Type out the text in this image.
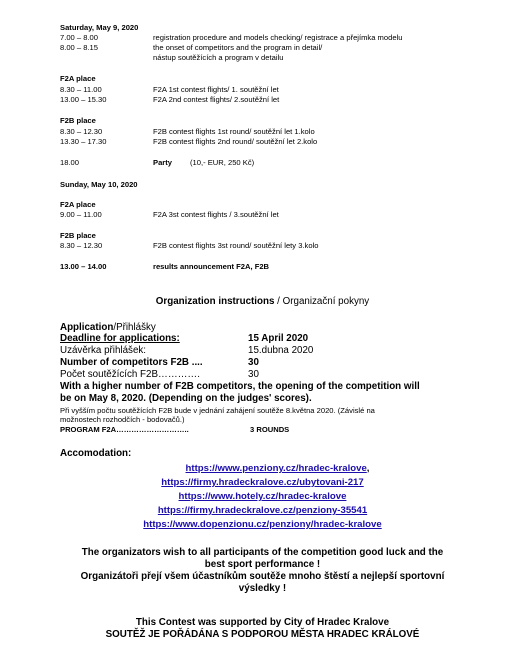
Saturday, May 9, 2020
7.00 – 8.00	registration procedure and models checking/ registrace a přejímka modelu
8.00 – 8.15	the onset of competitors and the program in detail/
nástup soutěžících a program v detailu
F2A place
8.30 – 11.00	F2A 1st contest flights/ 1. soutěžní let
13.00 – 15.30	F2A 2nd contest flights/ 2.soutěžní let
F2B place
8.30 – 12.30	F2B contest flights 1st round/ soutěžní let 1.kolo
13.30 – 17.30	F2B contest flights 2nd round/ soutěžní let 2.kolo
18.00	Party (10,- EUR, 250 Kč)
Sunday, May 10, 2020
F2A place
9.00 – 11.00	F2A 3st contest flights / 3.soutěžní let
F2B place
8.30 – 12.30	F2B contest flights 3st round/ soutěžní lety 3.kolo
13.00 – 14.00	results announcement F2A, F2B
Organization instructions / Organizační pokyny
Application/Přihlášky
Deadline for applications:	15 April 2020
Uzávěrka přihlášek:	15.dubna 2020
Number of competitors F2B ....	30
Počet soutěžících F2B………….	30
With a higher number of F2B competitors, the opening of the competition will
be on May 8, 2020. (Depending on the judges' scores).
Při vyšším počtu soutěžících F2B bude v jednání zahájení soutěže 8.května 2020. (Závislé na
možnostech rozhodčích - bodovačů.)
PROGRAM F2A………………………..	3 ROUNDS
Accomodation:
https://www.penziony.cz/hradec-kralove,
https://firmy.hradeckralove.cz/ubytovani-217
https://www.hotely.cz/hradec-kralove
https://firmy.hradeckralove.cz/penziony-35541
https://www.dopenzionu.cz/penziony/hradec-kralove
The organizators wish to all participants of the competition good luck and the
best sport performance !
Organizátoři přejí všem účastníkům soutěže mnoho štěstí a nejlepší sportovní
výsledky !
This Contest was supported by City of Hradec Kralove
SOUTĚŽ JE POŘÁDÁNA S PODPOROU MĚSTA HRADEC KRÁLOVÉ
